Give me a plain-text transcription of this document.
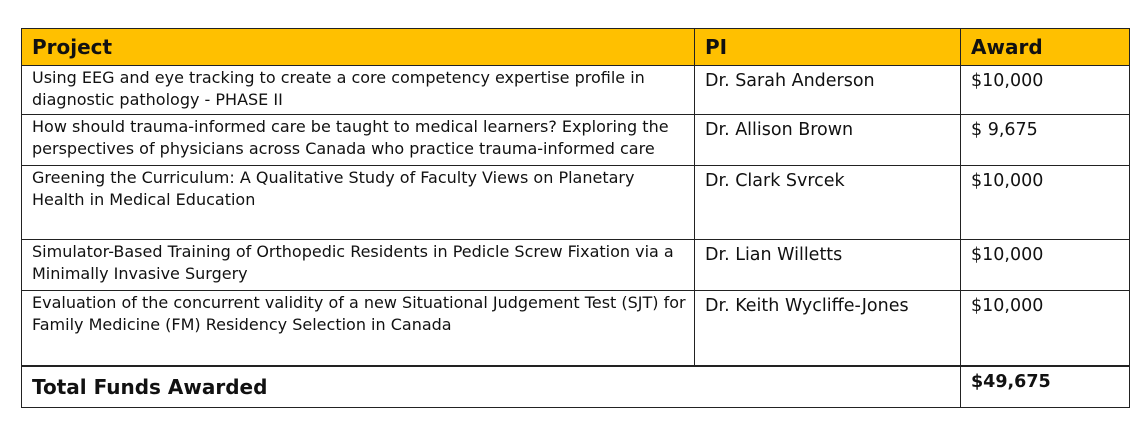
Project	PI	Award

Using EEG and eye tracking to create a core competency expertise profile in diagnostic pathology - PHASE II	Dr. Sarah Anderson	$10,000

How should trauma-informed care be taught to medical learners? Exploring the perspectives of physicians across Canada who practice trauma-informed care	Dr. Allison Brown	$ 9,675

Greening the Curriculum: A Qualitative Study of Faculty Views on Planetary Health in Medical Education	Dr. Clark Svrcek	$10,000

Simulator-Based Training of Orthopedic Residents in Pedicle Screw Fixation via a Minimally Invasive Surgery	Dr. Lian Willetts	$10,000

Evaluation of the concurrent validity of a new Situational Judgement Test (SJT) for Family Medicine (FM) Residency Selection in Canada	Dr. Keith Wycliffe-Jones	$10,000

Total Funds Awarded		$49,675
